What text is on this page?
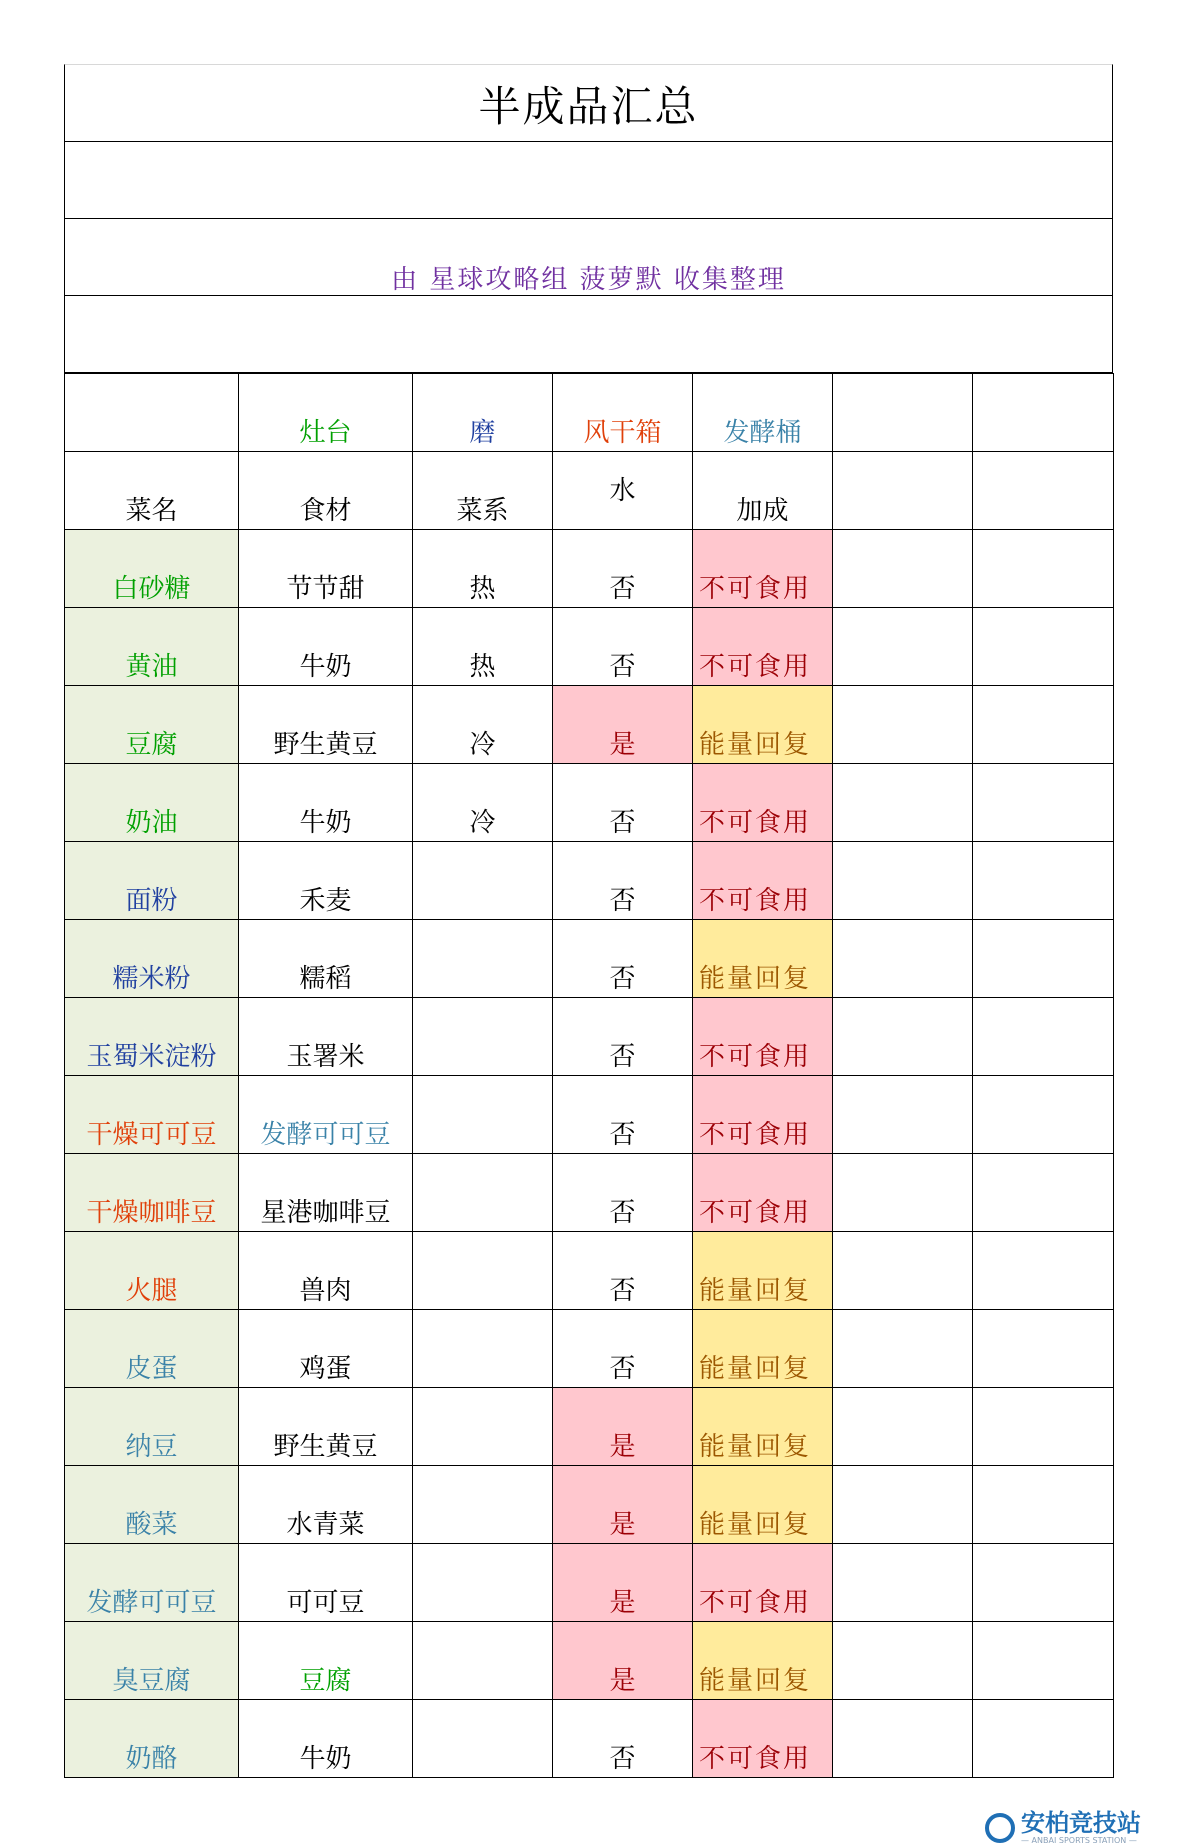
半成品汇总
由 星球攻略组 菠萝默 收集整理
	灶台	磨	风干箱	发酵桶		
菜名	食材	菜系	水	加成		
白砂糖	节节甜	热	否	不可食用		
黄油	牛奶	热	否	不可食用		
豆腐	野生黄豆	冷	是	能量回复		
奶油	牛奶	冷	否	不可食用		
面粉	禾麦		否	不可食用		
糯米粉	糯稻		否	能量回复		
玉蜀米淀粉	玉署米		否	不可食用		
干燥可可豆	发酵可可豆		否	不可食用		
干燥咖啡豆	星港咖啡豆		否	不可食用		
火腿	兽肉		否	能量回复		
皮蛋	鸡蛋		否	能量回复		
纳豆	野生黄豆		是	能量回复		
酸菜	水青菜		是	能量回复		
发酵可可豆	可可豆		是	不可食用		
臭豆腐	豆腐		是	能量回复		
奶酪	牛奶		否	不可食用		
安柏竞技站
— ANBAI SPORTS STATION —
